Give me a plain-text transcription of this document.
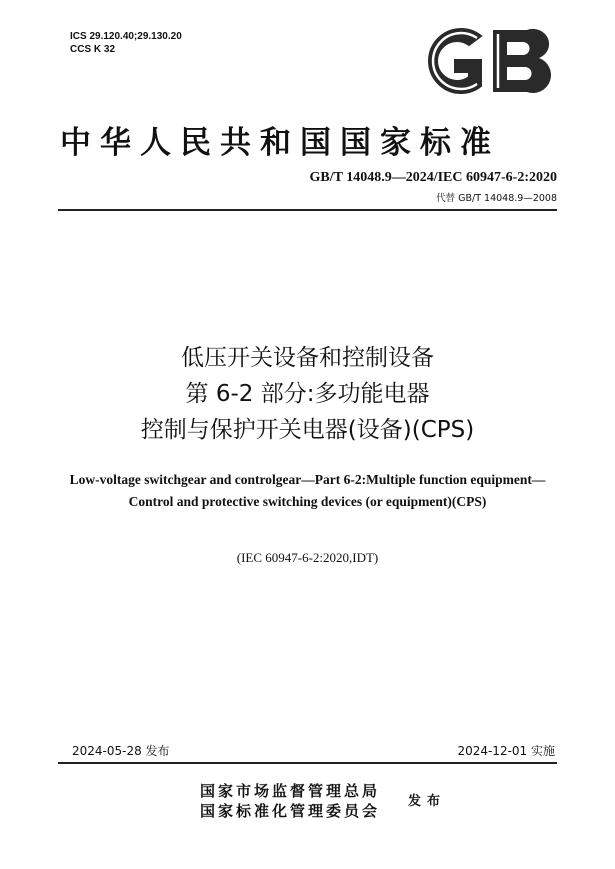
ICS 29.120.40;29.130.20
CCS K 32
中华人民共和国国家标准
GB/T 14048.9—2024/IEC 60947-6-2:2020
代替 GB/T 14048.9—2008
低压开关设备和控制设备
第 6-2 部分:多功能电器
控制与保护开关电器(设备)(CPS)
Low-voltage switchgear and controlgear—Part 6-2:Multiple function equipment—
Control and protective switching devices (or equipment)(CPS)
(IEC 60947-6-2:2020,IDT)
2024-05-28 发布	2024-12-01 实施
国家市场监督管理总局
国家标准化管理委员会
发布
